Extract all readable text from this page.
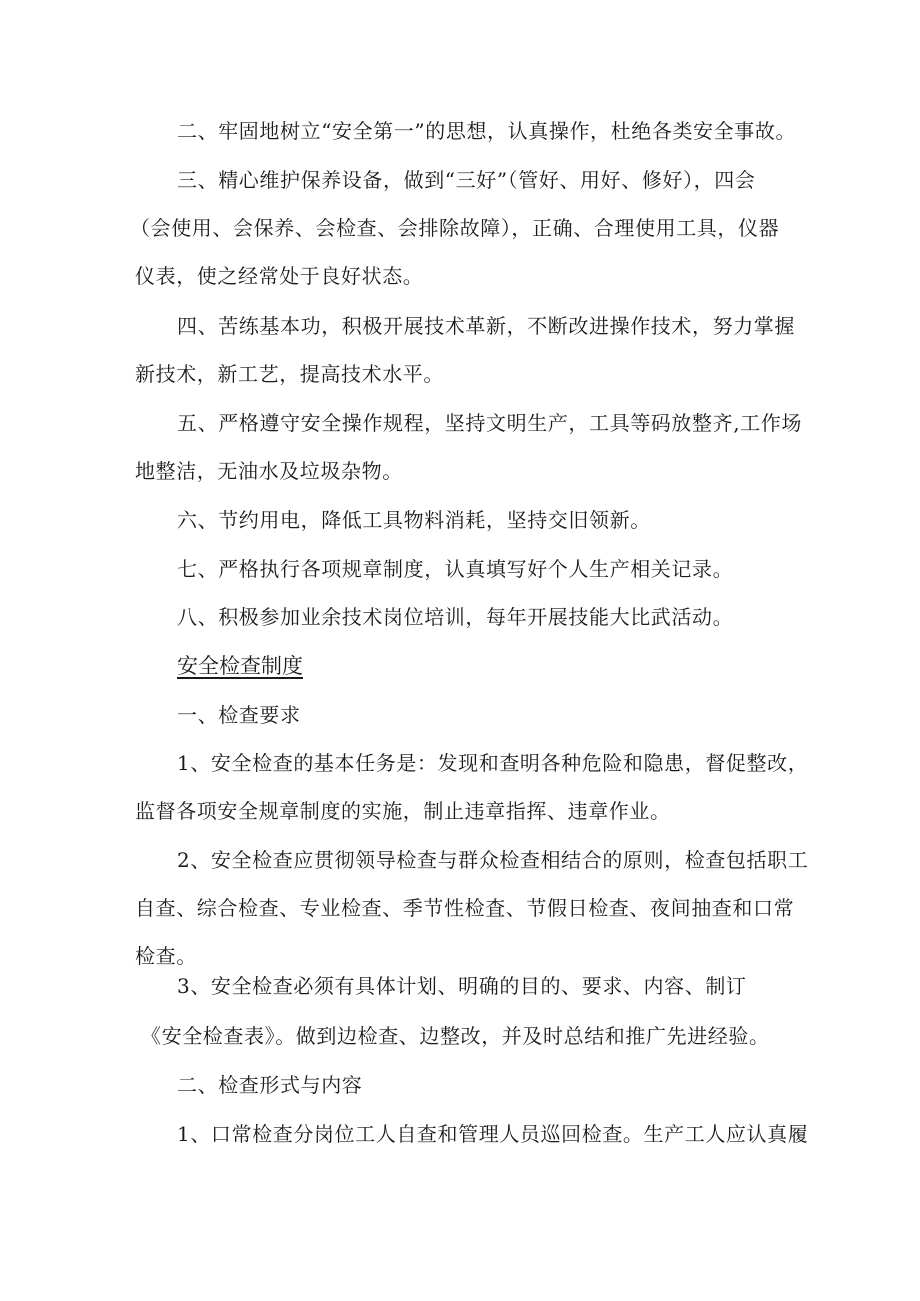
二、牢固地树立“安全第一”的思想，认真操作，杜绝各类安全事故。
三、精心维护保养设备，做到“三好”（管好、用好、修好），四会
（会使用、会保养、会检查、会排除故障），正确、合理使用工具，仪器
仪表，使之经常处于良好状态。
四、苦练基本功，积极开展技术革新，不断改进操作技术，努力掌握
新技术，新工艺，提高技术水平。
五、严格遵守安全操作规程，坚持文明生产，工具等码放整齐,工作场
地整洁，无油水及垃圾杂物。
六、节约用电，降低工具物料消耗，坚持交旧领新。
七、严格执行各项规章制度，认真填写好个人生产相关记录。
八、积极参加业余技术岗位培训，每年开展技能大比武活动。
安全检查制度
一、检查要求
1、安全检查的基本任务是：发现和查明各种危险和隐患，督促整改，
监督各项安全规章制度的实施，制止违章指挥、违章作业。
2、安全检查应贯彻领导检查与群众检查相结合的原则，检查包括职工
自查、综合检查、专业检查、季节性检査、节假日检查、夜间抽查和口常
检查。
3、安全检查必须有具体计划、明确的目的、要求、内容、制订
《安全检查表》。做到边检查、边整改，并及时总结和推广先进经验。
二、检查形式与内容
1、口常检查分岗位工人自查和管理人员巡回检查。生产工人应认真履
